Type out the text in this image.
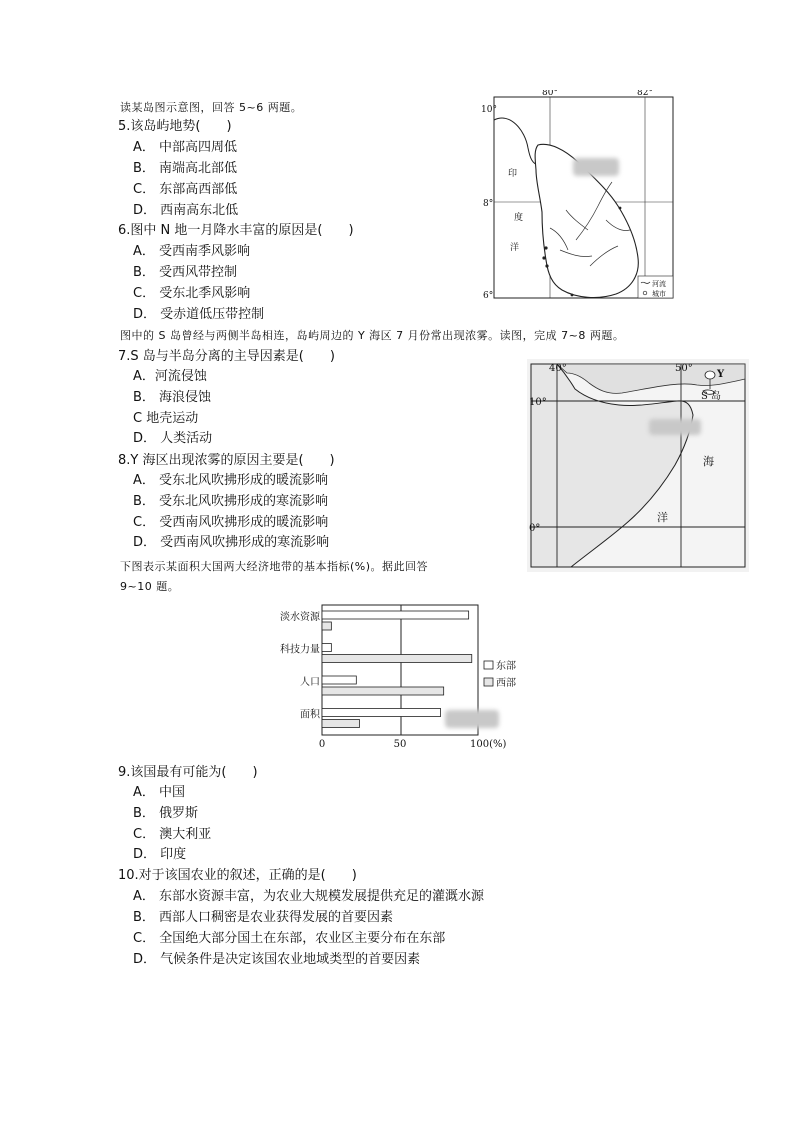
读某岛图示意图，回答 5~6 两题。
5.该岛屿地势(　　)
A． 中部高四周低
B． 南端高北部低
C． 东部高西部低
D． 西南高东北低
6.图中 N 地一月降水丰富的原因是(　　)
A． 受西南季风影响
B． 受西风带控制
C． 受东北季风影响
D． 受赤道低压带控制
80°	82°
10°
8°
6°
印
度
洋
河流
城市
图中的 S 岛曾经与两侧半岛相连，岛屿周边的 Y 海区 7 月份常出现浓雾。读图，完成 7~8 两题。
7.S 岛与半岛分离的主导因素是(　　)
A．河流侵蚀
B． 海浪侵蚀
C 地壳运动
D． 人类活动
8.Y 海区出现浓雾的原因主要是(　　)
A． 受东北风吹拂形成的暖流影响
B． 受东北风吹拂形成的寒流影响
C． 受西南风吹拂形成的暖流影响
D． 受西南风吹拂形成的寒流影响
40°	50°
10°
0°
Y
S 岛
海
洋
下图表示某面积大国两大经济地带的基本指标(%)。据此回答
9~10 题。
淡水资源
科技力量
人口
面积
0	50	100(%)
东部
西部
9.该国最有可能为(　　)
A． 中国
B． 俄罗斯
C． 澳大利亚
D． 印度
10.对于该国农业的叙述，正确的是(　　)
A． 东部水资源丰富，为农业大规模发展提供充足的灌溉水源
B． 西部人口稠密是农业获得发展的首要因素
C． 全国绝大部分国土在东部，农业区主要分布在东部
D． 气候条件是决定该国农业地域类型的首要因素
